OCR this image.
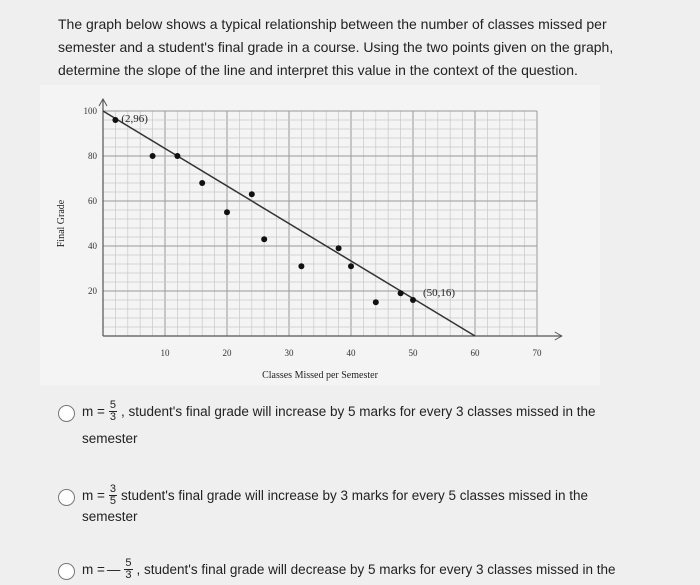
The graph below shows a typical relationship between the number of classes missed per semester and a student's final grade in a course. Using the two points given on the graph, determine the slope of the line and interpret this value in the context of the question.
10	20	30	40	50	60	70
20
40
60
80
100
Classes Missed per Semester
Final Grade
(2,96)
(50,16)
$m = \frac{5}{3}$ , student's final grade will increase by 5 marks for every 3 classes missed in the
semester
$m = \frac{3}{5}$ student's final grade will increase by 3 marks for every 5 classes missed in the
semester
m = — $\frac{5}{3}$ , student's final grade will decrease by 5 marks for every 3 classes missed in the
